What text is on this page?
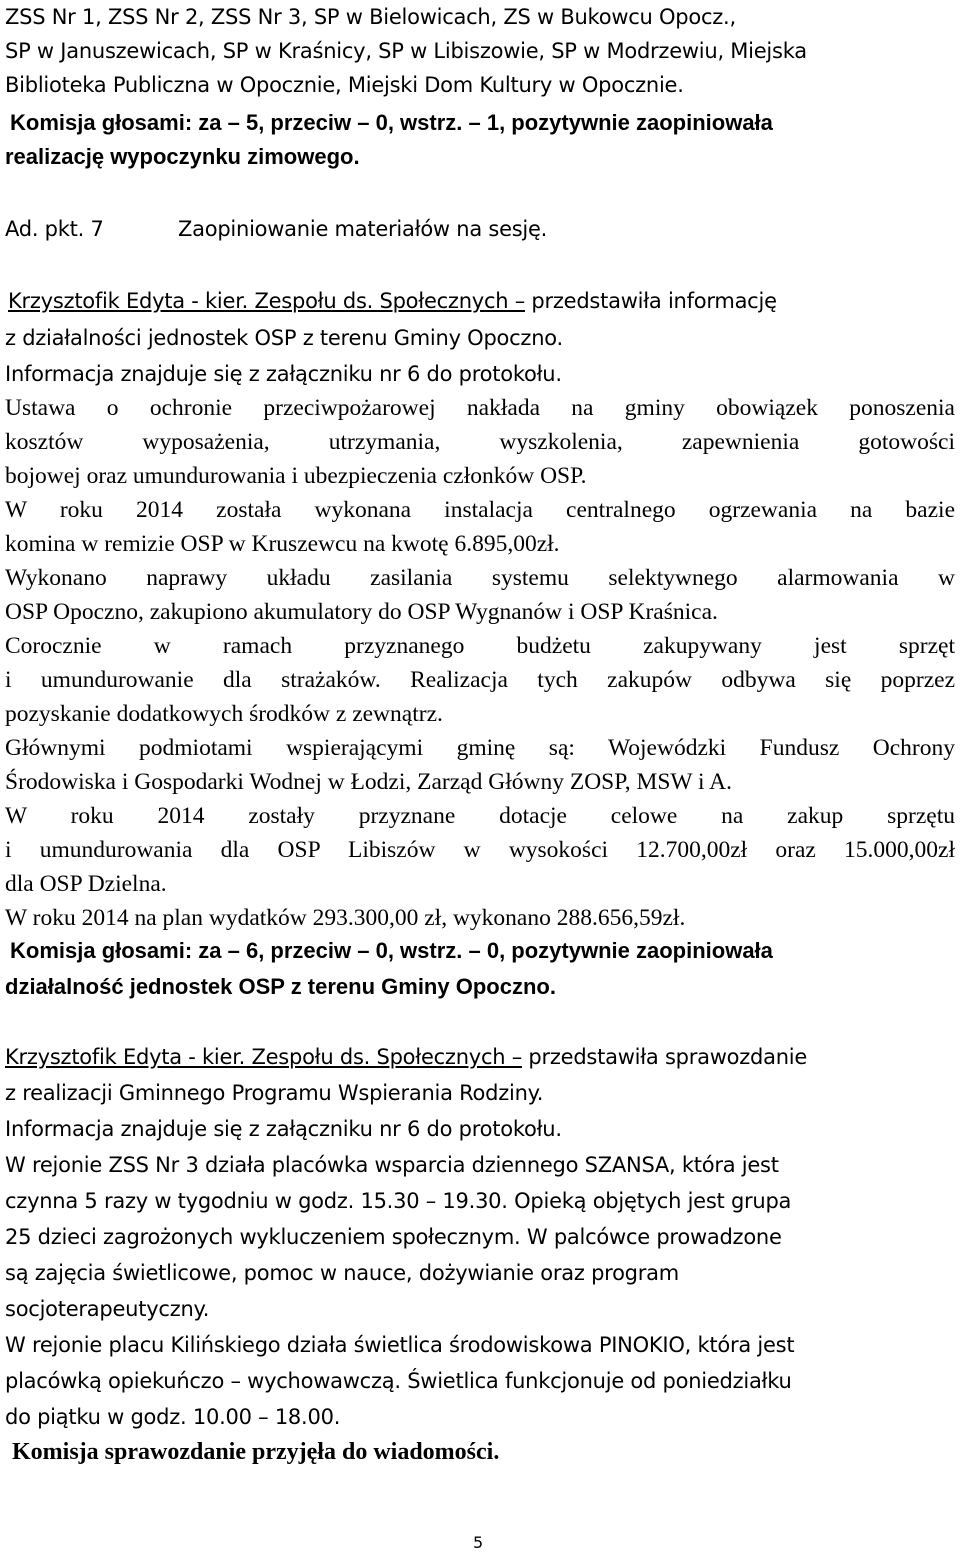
ZSS Nr 1, ZSS Nr 2, ZSS Nr 3, SP w Bielowicach, ZS w Bukowcu Opocz.,

SP w Januszewicach, SP w Kraśnicy, SP w Libiszowie, SP w Modrzewiu, Miejska

Biblioteka Publiczna w Opocznie, Miejski Dom Kultury w Opocznie.

Komisja głosami: za – 5, przeciw – 0, wstrz. – 1, pozytywnie zaopiniowała

realizację wypoczynku zimowego.

Ad. pkt. 7	Zaopiniowanie materiałów na sesję.

Krzysztofik Edyta - kier. Zespołu ds. Społecznych – przedstawiła informację

z działalności jednostek OSP z terenu Gminy Opoczno.

Informacja znajduje się z załączniku nr 6 do protokołu.

Ustawa o ochronie przeciwpożarowej nakłada na gminy obowiązek ponoszenia

kosztów wyposażenia, utrzymania, wyszkolenia, zapewnienia gotowości

bojowej oraz umundurowania i ubezpieczenia członków OSP.

W roku 2014 została wykonana instalacja centralnego ogrzewania na bazie

komina w remizie OSP w Kruszewcu na kwotę 6.895,00zł.

Wykonano naprawy układu zasilania systemu selektywnego alarmowania w

OSP Opoczno, zakupiono akumulatory do OSP Wygnanów i OSP Kraśnica.

Corocznie w ramach przyznanego budżetu zakupywany jest sprzęt

i umundurowanie dla strażaków. Realizacja tych zakupów odbywa się poprzez

pozyskanie dodatkowych środków z zewnątrz.

Głównymi podmiotami wspierającymi gminę są: Wojewódzki Fundusz Ochrony

Środowiska i Gospodarki Wodnej w Łodzi, Zarząd Główny ZOSP, MSW i A.

W roku 2014 zostały przyznane dotacje celowe na zakup sprzętu

i umundurowania dla OSP Libiszów w wysokości 12.700,00zł oraz 15.000,00zł

dla OSP Dzielna.

W roku 2014 na plan wydatków 293.300,00 zł, wykonano 288.656,59zł.

Komisja głosami: za – 6, przeciw – 0, wstrz. – 0, pozytywnie zaopiniowała

działalność jednostek OSP z terenu Gminy Opoczno.

Krzysztofik Edyta - kier. Zespołu ds. Społecznych – przedstawiła sprawozdanie

z realizacji Gminnego Programu Wspierania Rodziny.

Informacja znajduje się z załączniku nr 6 do protokołu.

W rejonie ZSS Nr 3 działa placówka wsparcia dziennego SZANSA, która jest

czynna 5 razy w tygodniu w godz. 15.30 – 19.30. Opieką objętych jest grupa

25 dzieci zagrożonych wykluczeniem społecznym. W palcówce prowadzone

są zajęcia świetlicowe, pomoc w nauce, dożywianie oraz program

socjoterapeutyczny.

W rejonie placu Kilińskiego działa świetlica środowiskowa PINOKIO, która jest

placówką opiekuńczo – wychowawczą. Świetlica funkcjonuje od poniedziałku

do piątku w godz. 10.00 – 18.00.

Komisja sprawozdanie przyjęła do wiadomości.

5
